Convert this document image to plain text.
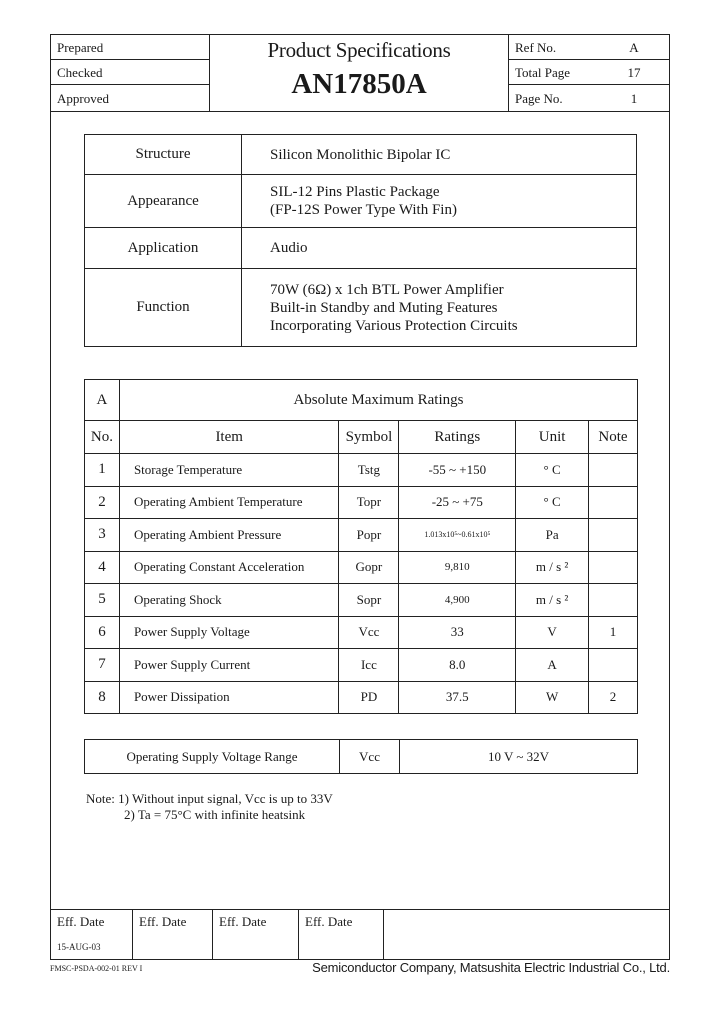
Prepared
Checked
Approved
Product Specifications
AN17850A
Ref No.	A
Total Page	17
Page No.	1
Eff. Date
15-AUG-03
Eff. Date	Eff. Date	Eff. Date
Structure	Silicon Monolithic Bipolar IC

Appearance	SIL-12 Pins Plastic Package
(FP-12S Power Type With Fin)

Application	Audio

Function	70W (6Ω) x 1ch BTL Power Amplifier
Built-in Standby and Muting Features
Incorporating Various Protection Circuits
A	Absolute Maximum Ratings				
No.	Item	Symbol	Ratings	Unit	Note
1	Storage Temperature	Tstg	-55 ~ +150	° C	
2	Operating Ambient Temperature	Topr	-25 ~ +75	° C	
3	Operating Ambient Pressure	Popr	1.013x10⁵~0.61x10⁵	Pa	
4	Operating Constant Acceleration	Gopr	9,810	m / s ²	
5	Operating Shock	Sopr	4,900	m / s ²	
6	Power Supply Voltage	Vcc	33	V	1
7	Power Supply Current	Icc	8.0	A	
8	Power Dissipation	PD	37.5	W	2
Operating Supply Voltage Range	Vcc	10 V ~ 32V
Note: 1) Without input signal, Vcc is up to 33V
2) Ta = 75°C with infinite heatsink
FMSC-PSDA-002-01 REV I	Semiconductor Company, Matsushita Electric Industrial Co., Ltd.
